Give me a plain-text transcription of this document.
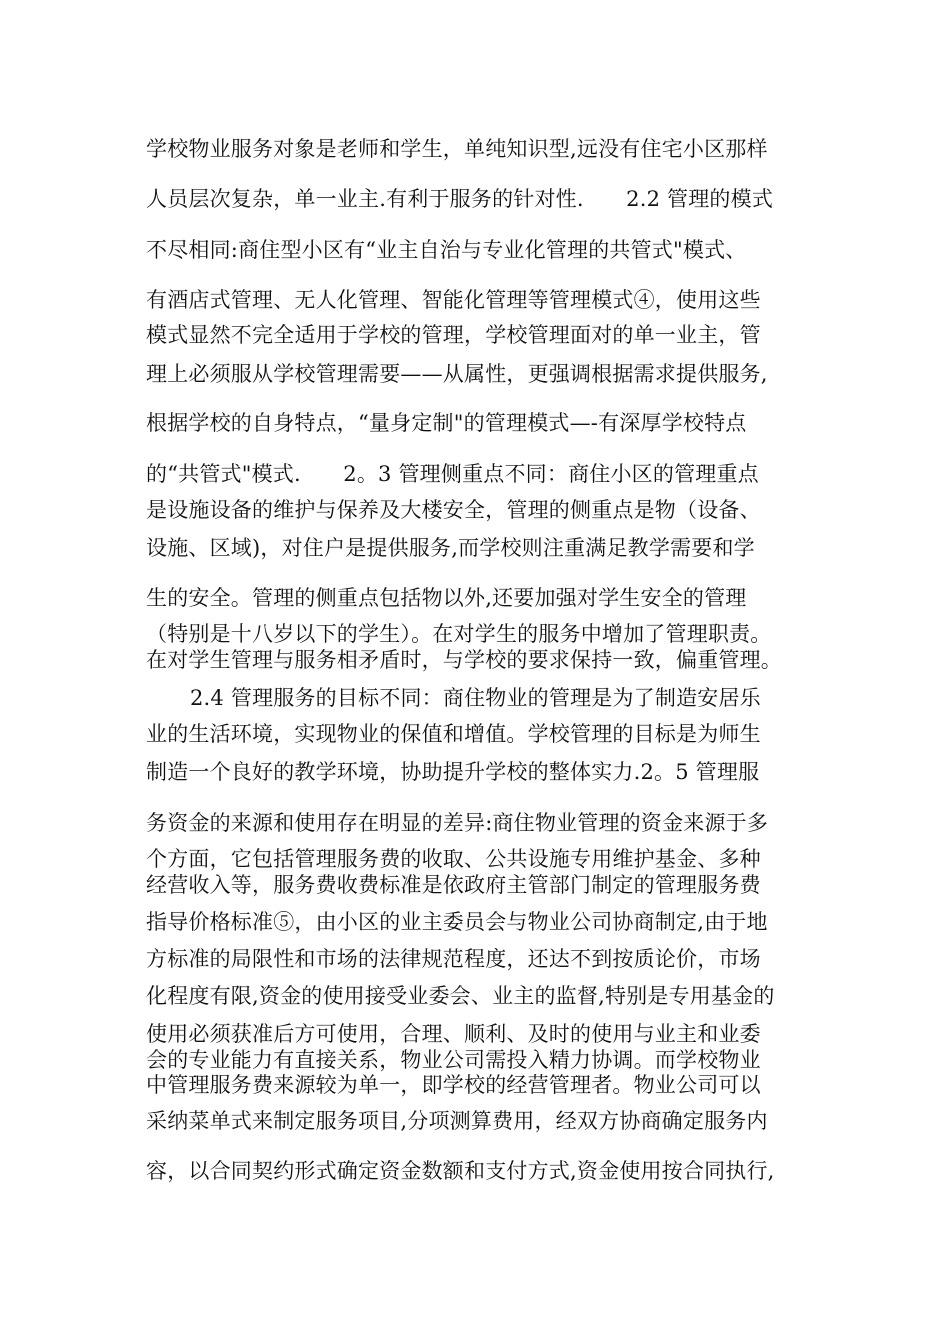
学校物业服务对象是老师和学生，单纯知识型,远没有住宅小区那样
人员层次复杂，单一业主.有利于服务的针对性.　　2.2 管理的模式
不尽相同:商住型小区有“业主自治与专业化管理的共管式"模式、
有酒店式管理、无人化管理、智能化管理等管理模式④，使用这些
模式显然不完全适用于学校的管理，学校管理面对的单一业主，管
理上必须服从学校管理需要——从属性，更强调根据需求提供服务,
根据学校的自身特点，“量身定制"的管理模式—-有深厚学校特点
的“共管式"模式.　　2。3 管理侧重点不同：商住小区的管理重点
是设施设备的维护与保养及大楼安全，管理的侧重点是物（设备、
设施、区域)，对住户是提供服务,而学校则注重满足教学需要和学
生的安全。管理的侧重点包括物以外,还要加强对学生安全的管理
（特别是十八岁以下的学生）。在对学生的服务中增加了管理职责。
在对学生管理与服务相矛盾时，与学校的要求保持一致，偏重管理。
2.4 管理服务的目标不同：商住物业的管理是为了制造安居乐
业的生活环境，实现物业的保值和增值。学校管理的目标是为师生
制造一个良好的教学环境，协助提升学校的整体实力.2。5 管理服
务资金的来源和使用存在明显的差异:商住物业管理的资金来源于多
个方面，它包括管理服务费的收取、公共设施专用维护基金、多种
经营收入等，服务费收费标准是依政府主管部门制定的管理服务费
指导价格标准⑤，由小区的业主委员会与物业公司协商制定,由于地
方标准的局限性和市场的法律规范程度，还达不到按质论价，市场
化程度有限,资金的使用接受业委会、业主的监督,特别是专用基金的
使用必须获准后方可使用，合理、顺利、及时的使用与业主和业委
会的专业能力有直接关系，物业公司需投入精力协调。而学校物业
中管理服务费来源较为单一，即学校的经营管理者。物业公司可以
采纳菜单式来制定服务项目,分项测算费用，经双方协商确定服务内
容，以合同契约形式确定资金数额和支付方式,资金使用按合同执行,
